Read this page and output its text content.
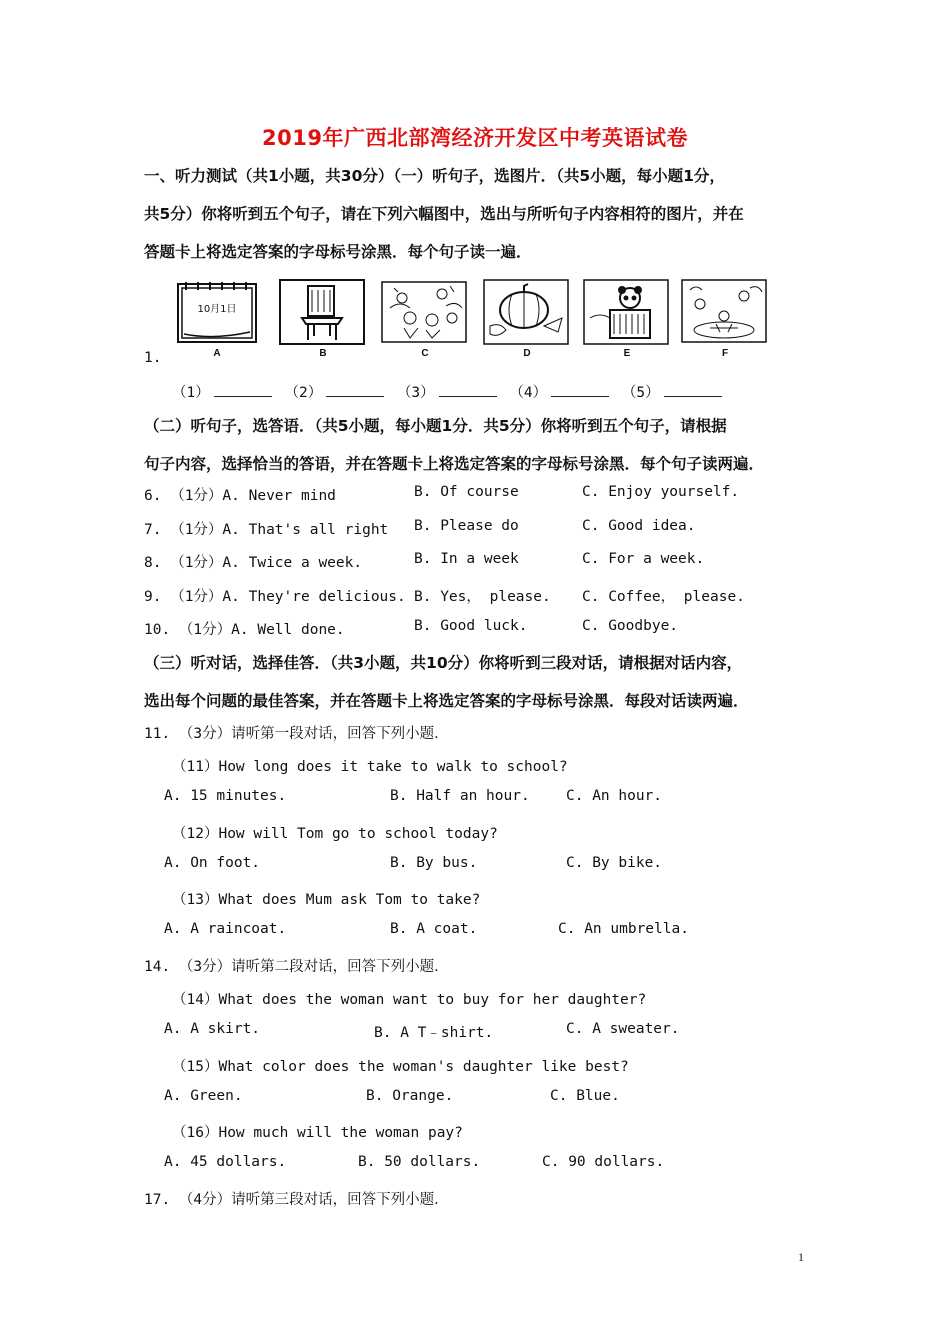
2019年广西北部湾经济开发区中考英语试卷
一、听力测试（共1小题，共30分）（一）听句子，选图片．（共5小题，每小题1分，
共5分）你将听到五个句子，请在下列六幅图中，选出与所听句子内容相符的图片，并在
答题卡上将选定答案的字母标号涂黑．每个句子读一遍．
1.
10月1日
A	B	C	D	E	F
（1）	（2）	（3）	（4）	（5）
（二）听句子，选答语．（共5小题，每小题1分．共5分）你将听到五个句子，请根据
句子内容，选择恰当的答语，并在答题卡上将选定答案的字母标号涂黑．每个句子读两遍．
6. （1分）A. Never mind	B. Of course	C. Enjoy yourself.
7. （1分）A. That's all right B. Please do	C. Good idea.
8. （1分）A. Twice a week.	B. In a week	C. For a week.
9. （1分）A. They're delicious. B. Yes， please. C. Coffee， please.
10. （1分）A. Well done.	B. Good luck.	C. Goodbye.
（三）听对话，选择佳答．（共3小题，共10分）你将听到三段对话，请根据对话内容，
选出每个问题的最佳答案，并在答题卡上将选定答案的字母标号涂黑．每段对话读两遍．
11. （3分）请听第一段对话，回答下列小题．
（11）How long does it take to walk to school?
A. 15 minutes.	B. Half an hour.	C. An hour.
（12）How will Tom go to school today?
A. On foot.	B. By bus.	C. By bike.
（13）What does Mum ask Tom to take?
A. A raincoat.	B. A coat.	C. An umbrella.
14. （3分）请听第二段对话，回答下列小题．
（14）What does the woman want to buy for her daughter?
A. A skirt.	B. A T﹣shirt.	C. A sweater.
（15）What color does the woman's daughter like best?
A. Green.	B. Orange.	C. Blue.
（16）How much will the woman pay?
A. 45 dollars.	B. 50 dollars.	C. 90 dollars.
17. （4分）请听第三段对话，回答下列小题．
1
